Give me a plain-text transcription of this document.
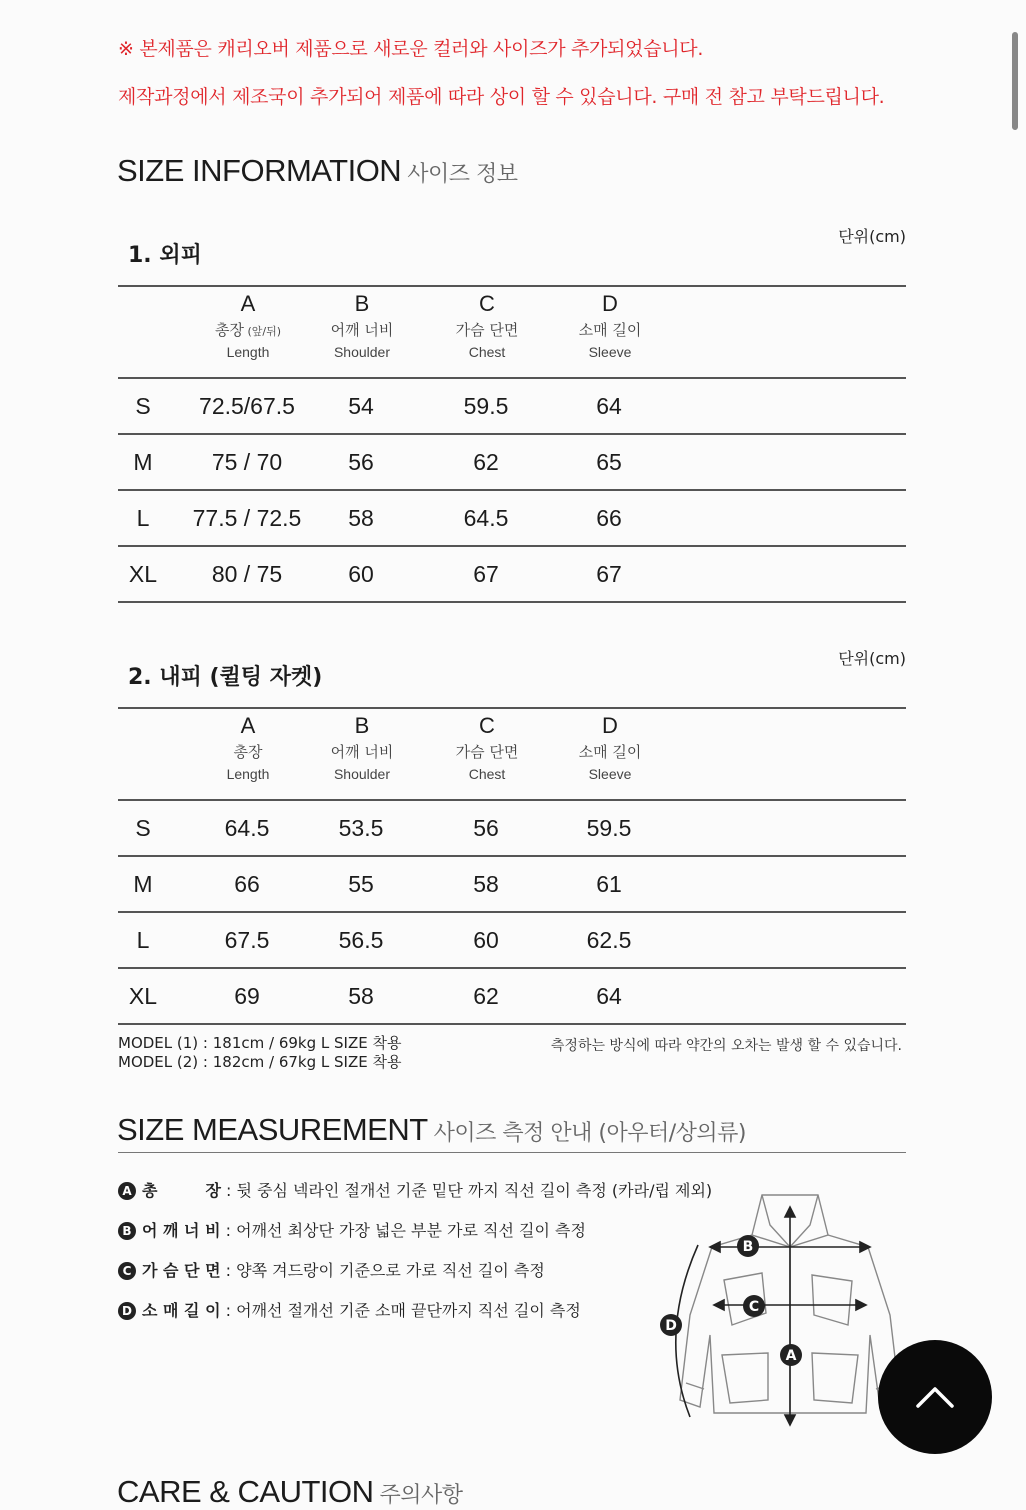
※ 본제품은 캐리오버 제품으로 새로운 컬러와 사이즈가 추가되었습니다.
제작과정에서 제조국이 추가되어 제품에 따라 상이 할 수 있습니다. 구매 전 참고 부탁드립니다.
SIZE INFORMATION 사이즈 정보
단위(cm)
1. 외피
A
총장 (앞/뒤)
Length
B
어깨 너비
Shoulder
C
가슴 단면
Chest
D
소매 길이
Sleeve
S	72.5/67.5	54	59.5	64
M	75 / 70	56	62	65
L	77.5 / 72.5	58	64.5	66
XL	80 / 75	60	67	67
단위(cm)
2. 내피 (퀼팅 자켓)
A
총장
Length
B
어깨 너비
Shoulder
C
가슴 단면
Chest
D
소매 길이
Sleeve
S	64.5	53.5	56	59.5
M	66	55	58	61
L	67.5	56.5	60	62.5
XL	69	58	62	64
MODEL (1) : 181cm / 69kg L SIZE 착용
MODEL (2) : 182cm / 67kg L SIZE 착용
측정하는 방식에 따라 약간의 오차는 발생 할 수 있습니다.
SIZE MEASUREMENT 사이즈 측정 안내 (아우터/상의류)
A 총　　　장 : 뒷 중심 넥라인 절개선 기준 밑단 까지 직선 길이 측정 (카라/립 제외)
B 어 깨 너 비 : 어깨선 최상단 가장 넓은 부분 가로 직선 길이 측정
C 가 슴 단 면 : 양쪽 겨드랑이 기준으로 가로 직선 길이 측정
D 소 매 길 이 : 어깨선 절개선 기준 소매 끝단까지 직선 길이 측정
B
C
A
D
CARE & CAUTION 주의사항
